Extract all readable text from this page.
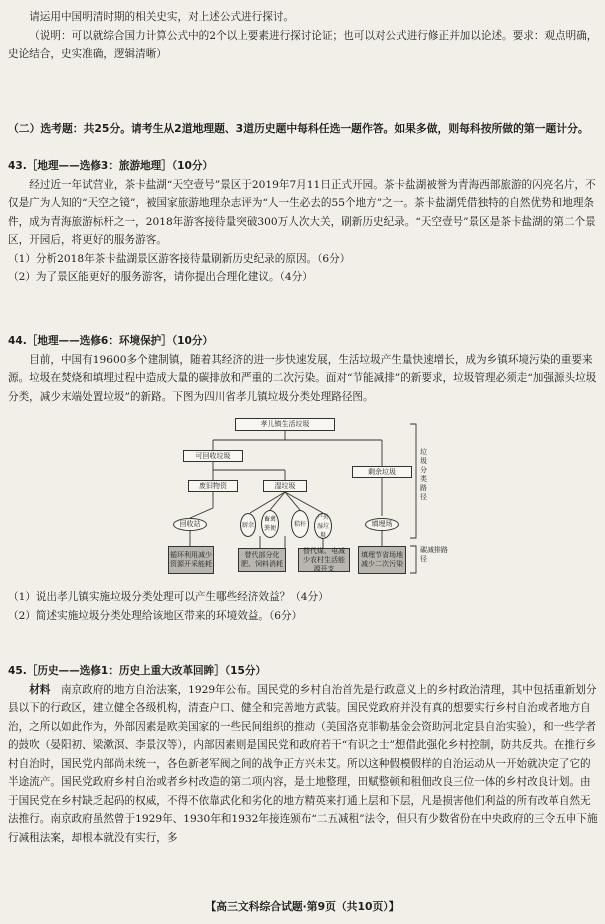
请运用中国明清时期的相关史实，对上述公式进行探讨。

（说明：可以就综合国力计算公式中的2个以上要素进行探讨论证；也可以对公式进行修正并加以论述。要求：观点明确，史论结合，史实准确，逻辑清晰）

（二）选考题：共25分。请考生从2道地理题、3道历史题中每科任选一题作答。如果多做，则每科按所做的第一题计分。

43.［地理——选修3：旅游地理］（10分）

经过近一年试营业，茶卡盐湖“天空壹号”景区于2019年7月11日正式开园。茶卡盐湖被誉为青海西部旅游的闪亮名片，不仅是广为人知的“天空之镜”，被国家旅游地理杂志评为“人一生必去的55个地方”之一。茶卡盐湖凭借独特的自然优势和地理条件，成为青海旅游标杆之一，2018年游客接待量突破300万人次大关，刷新历史纪录。“天空壹号”景区是茶卡盐湖的第二个景区，开园后，将更好的服务游客。

（1）分析2018年茶卡盐湖景区游客接待量刷新历史纪录的原因。（6分）

（2）为了景区能更好的服务游客，请你提出合理化建议。（4分）

44.［地理——选修6：环境保护］（10分）

目前，中国有19600多个建制镇，随着其经济的进一步快速发展，生活垃圾产生量快速增长，成为乡镇环境污染的重要来源。垃圾在焚烧和填埋过程中造成大量的碳排放和严重的二次污染。面对“节能减排”的新要求，垃圾管理必须走“加强源头垃圾分类，减少末端处置垃圾”的新路。下图为四川省孝儿镇垃圾分类处理路径图。

孝儿镇生活垃圾
可回收垃圾
剩余垃圾
废旧物资	湿垃圾
回收站	厨余
畜禽粪便
秸秆
户外湿垃圾
填埋场
循环利用减少资源开采能耗
替代部分化肥、饲料消耗
替代煤、电减少农村生活能源开支
填埋节省场地减少二次污染
垃圾分类路径
碳减排路径

（1）说出孝儿镇实施垃圾分类处理可以产生哪些经济效益？（4分）

（2）简述实施垃圾分类处理给该地区带来的环境效益。（6分）

45.［历史——选修1：历史上重大改革回眸］（15分）

材料　 南京政府的地方自治法案，1929年公布。国民党的乡村自治首先是行政意义上的乡村政治清理，其中包括重新划分县以下的行政区，建立健全各级机构，清查户口、健全和完善地方武装。国民党政府并没有真的想要实行乡村自治或者地方自治，之所以如此作为，外部因素是欧美国家的一些民间组织的推动（美国洛克菲勒基金会资助河北定县自治实验），和一些学者的鼓吹（晏阳初、梁漱溟、李景汉等），内部因素则是国民党和政府若干“有识之士”想借此强化乡村控制，防共反共。在推行乡村自治时，国民党内部尚未统一，各色新老军阀之间的战争正方兴未艾。所以这种假模假样的自治运动从一开始就决定了它的半途流产。国民党政府乡村自治或者乡村改造的第二项内容，是土地整理，田赋整顿和租佃改良三位一体的乡村改良计划。由于国民党在乡村缺乏起码的权威，不得不依靠武化和劣化的地方精英来打通上层和下层，凡是损害他们利益的所有改革自然无法推行。南京政府虽然曾于1929年、1930年和1932年接连颁布“二五减租”法令，但只有少数省份在中央政府的三令五申下施行减租法案，却根本就没有实行，多

【高三文科综合试题·第9页（共10页）】
